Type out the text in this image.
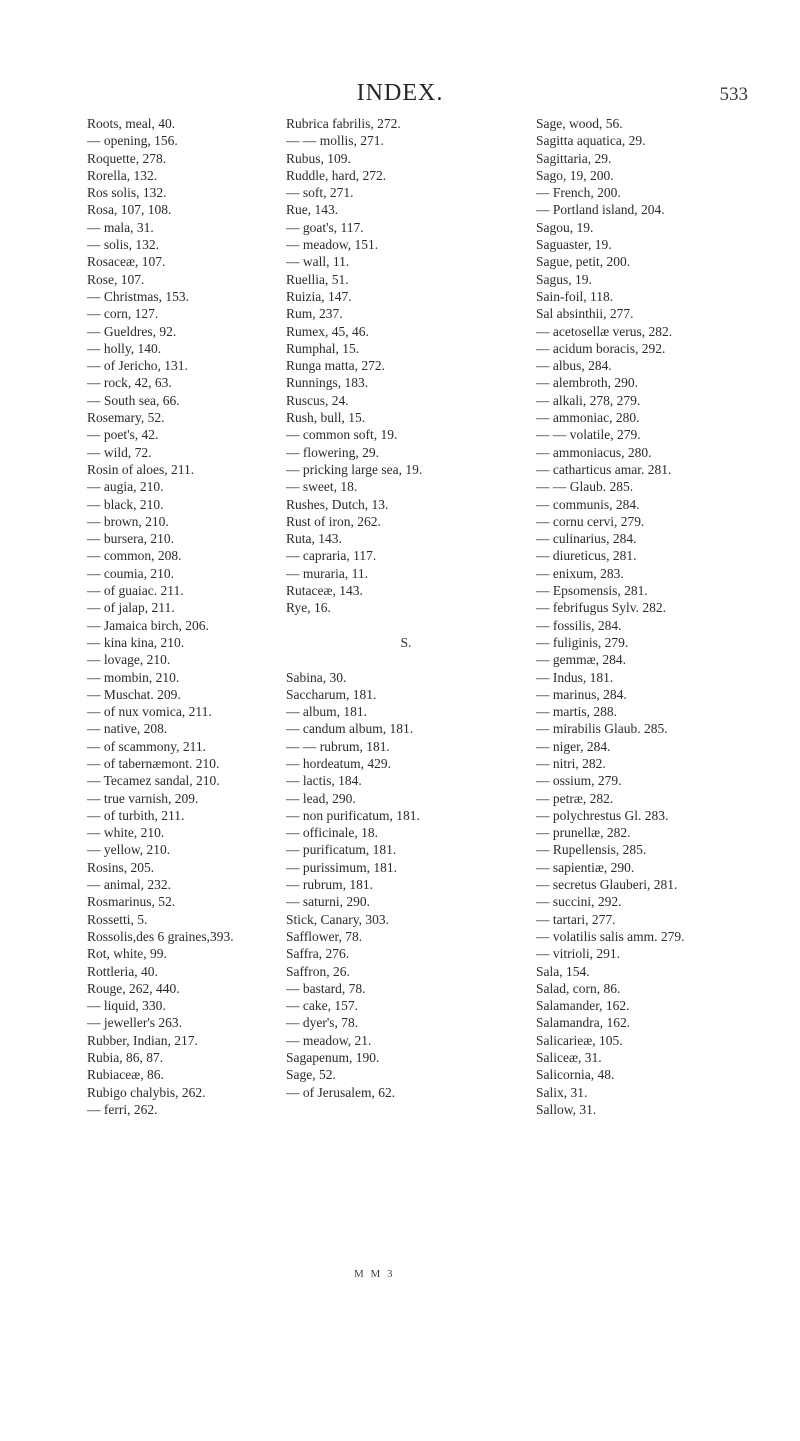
INDEX.	533
Roots, meal, 40.
— opening, 156.
Roquette, 278.
Rorella, 132.
Ros solis, 132.
Rosa, 107, 108.
— mala, 31.
— solis, 132.
Rosaceæ, 107.
Rose, 107.
— Christmas, 153.
— corn, 127.
— Gueldres, 92.
— holly, 140.
— of Jericho, 131.
— rock, 42, 63.
— South sea, 66.
Rosemary, 52.
— poet's, 42.
— wild, 72.
Rosin of aloes, 211.
— augia, 210.
— black, 210.
— brown, 210.
— bursera, 210.
— common, 208.
— coumia, 210.
— of guaiac. 211.
— of jalap, 211.
— Jamaica birch, 206.
— kina kina, 210.
— lovage, 210.
— mombin, 210.
— Muschat. 209.
— of nux vomica, 211.
— native, 208.
— of scammony, 211.
— of tabernæmont. 210.
— Tecamez sandal, 210.
— true varnish, 209.
— of turbith, 211.
— white, 210.
— yellow, 210.
Rosins, 205.
— animal, 232.
Rosmarinus, 52.
Rossetti, 5.
Rossolis,des 6 graines,393.
Rot, white, 99.
Rottleria, 40.
Rouge, 262, 440.
— liquid, 330.
— jeweller's 263.
Rubber, Indian, 217.
Rubia, 86, 87.
Rubiaceæ, 86.
Rubigo chalybis, 262.
— ferri, 262.
Rubrica fabrilis, 272.
— — mollis, 271.
Rubus, 109.
Ruddle, hard, 272.
— soft, 271.
Rue, 143.
— goat's, 117.
— meadow, 151.
— wall, 11.
Ruellia, 51.
Ruizia, 147.
Rum, 237.
Rumex, 45, 46.
Rumphal, 15.
Runga matta, 272.
Runnings, 183.
Ruscus, 24.
Rush, bull, 15.
— common soft, 19.
— flowering, 29.
— pricking large sea, 19.
— sweet, 18.
Rushes, Dutch, 13.
Rust of iron, 262.
Ruta, 143.
— capraria, 117.
— muraria, 11.
Rutaceæ, 143.
Rye, 16.
S.
Sabina, 30.
Saccharum, 181.
— album, 181.
— candum album, 181.
— — rubrum, 181.
— hordeatum, 429.
— lactis, 184.
— lead, 290.
— non purificatum, 181.
— officinale, 18.
— purificatum, 181.
— purissimum, 181.
— rubrum, 181.
— saturni, 290.
Stick, Canary, 303.
Safflower, 78.
Saffra, 276.
Saffron, 26.
— bastard, 78.
— cake, 157.
— dyer's, 78.
— meadow, 21.
Sagapenum, 190.
Sage, 52.
— of Jerusalem, 62.
Sage, wood, 56.
Sagitta aquatica, 29.
Sagittaria, 29.
Sago, 19, 200.
— French, 200.
— Portland island, 204.
Sagou, 19.
Saguaster, 19.
Sague, petit, 200.
Sagus, 19.
Sain-foil, 118.
Sal absinthii, 277.
— acetosellæ verus, 282.
— acidum boracis, 292.
— albus, 284.
— alembroth, 290.
— alkali, 278, 279.
— ammoniac, 280.
— — volatile, 279.
— ammoniacus, 280.
— catharticus amar. 281.
— — Glaub. 285.
— communis, 284.
— cornu cervi, 279.
— culinarius, 284.
— diureticus, 281.
— enixum, 283.
— Epsomensis, 281.
— febrifugus Sylv. 282.
— fossilis, 284.
— fuliginis, 279.
— gemmæ, 284.
— Indus, 181.
— marinus, 284.
— martis, 288.
— mirabilis Glaub. 285.
— niger, 284.
— nitri, 282.
— ossium, 279.
— petræ, 282.
— polychrestus Gl. 283.
— prunellæ, 282.
— Rupellensis, 285.
— sapientiæ, 290.
— secretus Glauberi, 281.
— succini, 292.
— tartari, 277.
— volatilis salis amm. 279.
— vitrioli, 291.
Sala, 154.
Salad, corn, 86.
Salamander, 162.
Salamandra, 162.
Salicarieæ, 105.
Saliceæ, 31.
Salicornia, 48.
Salix, 31.
Sallow, 31.
M M 3
